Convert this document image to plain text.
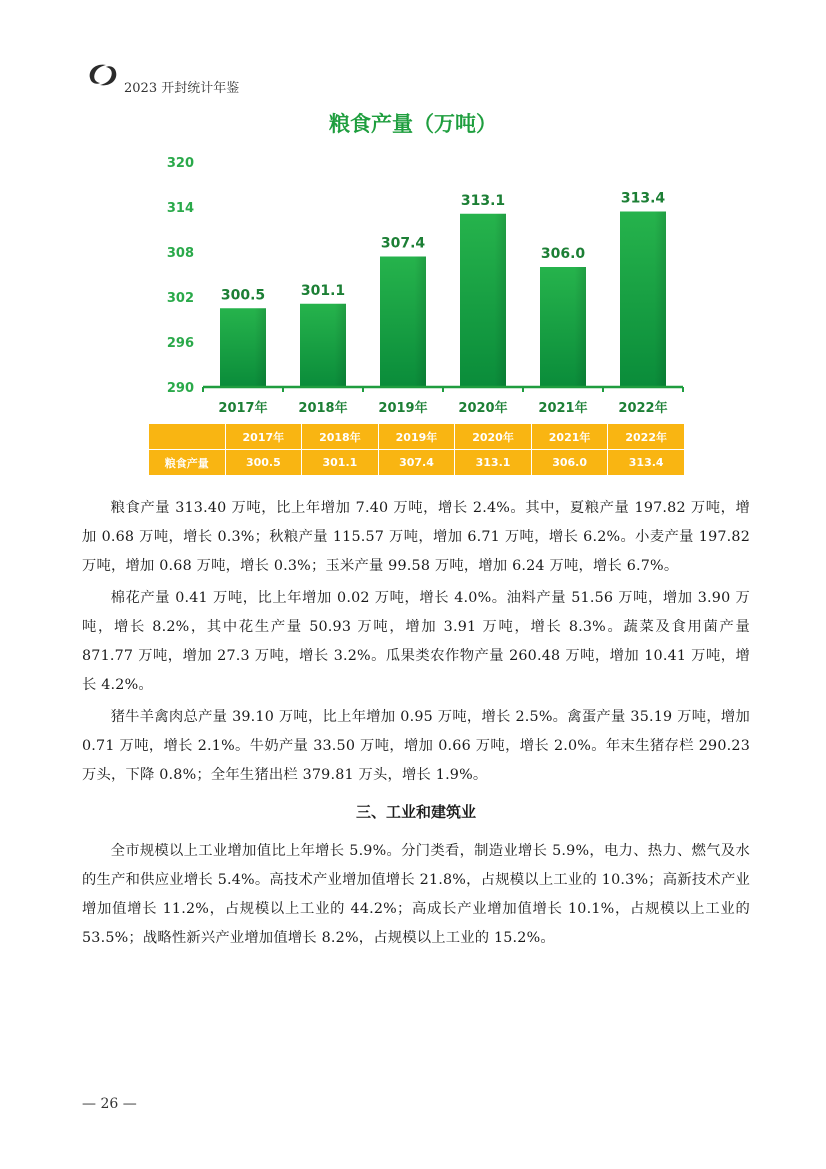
2023 开封统计年鉴
粮食产量（万吨）
320
314
308
302
296
290
300.5	301.1
307.4
313.1
306.0
313.4
2017年 2018年 2019年 2020年 2021年 2022年
	2017年	2018年	2019年	2020年	2021年	2022年
粮食产量	300.5	301.1	307.4	313.1	306.0	313.4

粮食产量 313.40 万吨，比上年增加 7.40 万吨，增长 2.4%。其中，夏粮产量 197.82 万吨，增加 0.68 万吨，增长 0.3%；秋粮产量 115.57 万吨，增加 6.71 万吨，增长 6.2%。小麦产量 197.82 万吨，增加 0.68 万吨，增长 0.3%；玉米产量 99.58 万吨，增加 6.24 万吨，增长 6.7%。

棉花产量 0.41 万吨，比上年增加 0.02 万吨，增长 4.0%。油料产量 51.56 万吨，增加 3.90 万吨，增长 8.2%，其中花生产量 50.93 万吨，增加 3.91 万吨，增长 8.3%。蔬菜及食用菌产量 871.77 万吨，增加 27.3 万吨，增长 3.2%。瓜果类农作物产量 260.48 万吨，增加 10.41 万吨，增长 4.2%。

猪牛羊禽肉总产量 39.10 万吨，比上年增加 0.95 万吨，增长 2.5%。禽蛋产量 35.19 万吨，增加 0.71 万吨，增长 2.1%。牛奶产量 33.50 万吨，增加 0.66 万吨，增长 2.0%。年末生猪存栏 290.23 万头，下降 0.8%；全年生猪出栏 379.81 万头，增长 1.9%。

三、工业和建筑业

全市规模以上工业增加值比上年增长 5.9%。分门类看，制造业增长 5.9%，电力、热力、燃气及水的生产和供应业增长 5.4%。高技术产业增加值增长 21.8%，占规模以上工业的 10.3%；高新技术产业增加值增长 11.2%，占规模以上工业的 44.2%；高成长产业增加值增长 10.1%，占规模以上工业的 53.5%；战略性新兴产业增加值增长 8.2%，占规模以上工业的 15.2%。

— 26 —
